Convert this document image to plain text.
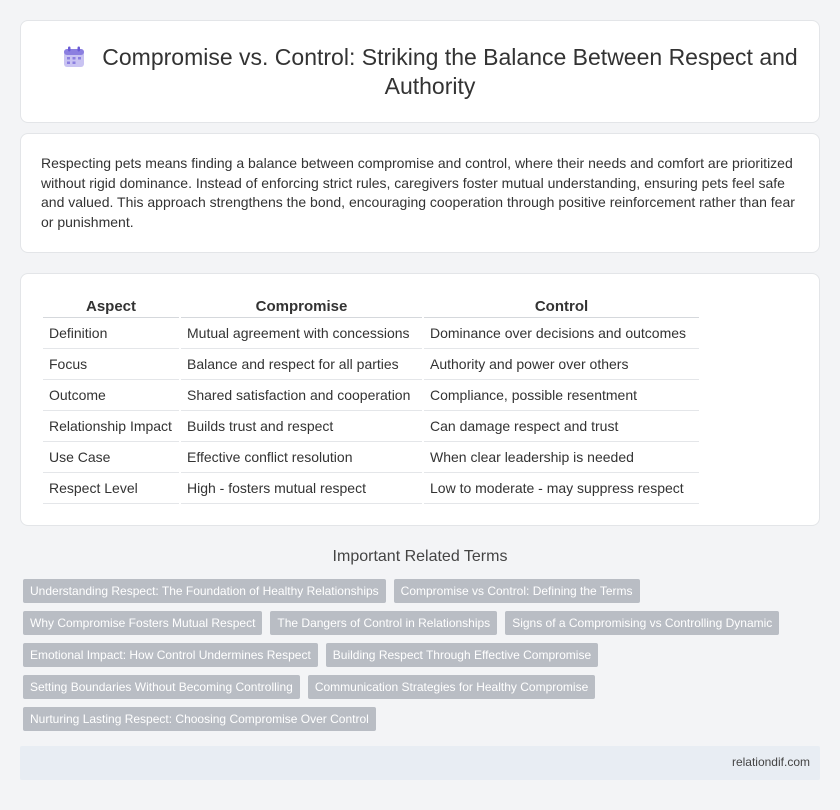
Compromise vs. Control: Striking the Balance Between Respect and Authority

Respecting pets means finding a balance between compromise and control, where their needs and comfort are prioritized without rigid dominance. Instead of enforcing strict rules, caregivers foster mutual understanding, ensuring pets feel safe and valued. This approach strengthens the bond, encouraging cooperation through positive reinforcement rather than fear or punishment.

Aspect	Compromise	Control
Definition	Mutual agreement with concessions	Dominance over decisions and outcomes
Focus	Balance and respect for all parties	Authority and power over others
Outcome	Shared satisfaction and cooperation	Compliance, possible resentment
Relationship Impact	Builds trust and respect	Can damage respect and trust
Use Case	Effective conflict resolution	When clear leadership is needed
Respect Level	High - fosters mutual respect	Low to moderate - may suppress respect
Important Related Terms
Understanding Respect: The Foundation of Healthy Relationships	Compromise vs Control: Defining the Terms
Why Compromise Fosters Mutual Respect	The Dangers of Control in Relationships	Signs of a Compromising vs Controlling Dynamic
Emotional Impact: How Control Undermines Respect	Building Respect Through Effective Compromise
Setting Boundaries Without Becoming Controlling	Communication Strategies for Healthy Compromise
Nurturing Lasting Respect: Choosing Compromise Over Control
relationdif.com
